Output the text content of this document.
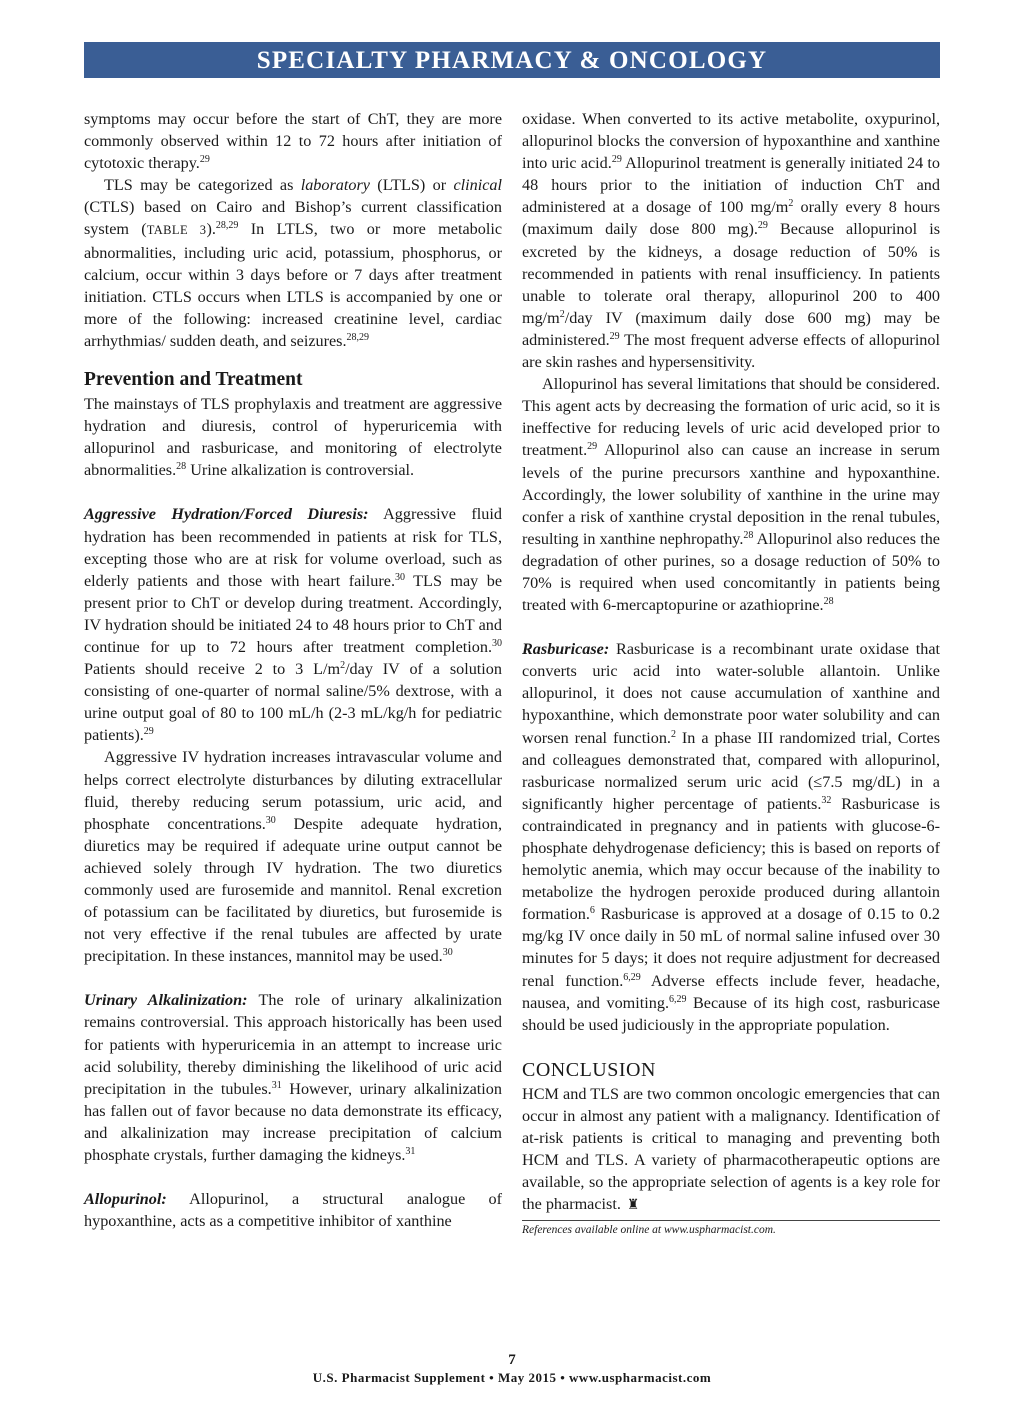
SPECIALTY PHARMACY & ONCOLOGY

symptoms may occur before the start of ChT, they are more commonly observed within 12 to 72 hours after initiation of cytotoxic therapy.$^{29}$

TLS may be categorized as laboratory (LTLS) or clinical (CTLS) based on Cairo and Bishop’s current classification system (TABLE 3).$^{28,29}$ In LTLS, two or more metabolic abnormalities, including uric acid, potassium, phosphorus, or calcium, occur within 3 days before or 7 days after treatment initiation. CTLS occurs when LTLS is accompanied by one or more of the following: increased creatinine level, cardiac arrhythmias/ sudden death, and seizures.$^{28,29}$

Prevention and Treatment

The mainstays of TLS prophylaxis and treatment are aggressive hydration and diuresis, control of hyperuricemia with allopurinol and rasburicase, and monitoring of electrolyte abnormalities.$^{28}$ Urine alkalization is controversial.

Aggressive Hydration/Forced Diuresis: Aggressive fluid hydration has been recommended in patients at risk for TLS, excepting those who are at risk for volume overload, such as elderly patients and those with heart failure.$^{30}$ TLS may be present prior to ChT or develop during treatment. Accordingly, IV hydration should be initiated 24 to 48 hours prior to ChT and continue for up to 72 hours after treatment completion.$^{30}$ Patients should receive 2 to 3 $L/m^2$/day IV of a solution consisting of one-quarter of normal saline/5% dextrose, with a urine output goal of 80 to 100 mL/h (2-3 mL/kg/h for pediatric patients).$^{29}$

Aggressive IV hydration increases intravascular volume and helps correct electrolyte disturbances by diluting extracellular fluid, thereby reducing serum potassium, uric acid, and phosphate concentrations.$^{30}$ Despite adequate hydration, diuretics may be required if adequate urine output cannot be achieved solely through IV hydration. The two diuretics commonly used are furosemide and mannitol. Renal excretion of potassium can be facilitated by diuretics, but furosemide is not very effective if the renal tubules are affected by urate precipitation. In these instances, mannitol may be used.$^{30}$

Urinary Alkalinization: The role of urinary alkalinization remains controversial. This approach historically has been used for patients with hyperuricemia in an attempt to increase uric acid solubility, thereby diminishing the likelihood of uric acid precipitation in the tubules.$^{31}$ However, urinary alkalinization has fallen out of favor because no data demonstrate its efficacy, and alkalinization may increase precipitation of calcium phosphate crystals, further damaging the kidneys.$^{31}$

Allopurinol: Allopurinol, a structural analogue of hypoxanthine, acts as a competitive inhibitor of xanthine

oxidase. When converted to its active metabolite, oxypurinol, allopurinol blocks the conversion of hypoxanthine and xanthine into uric acid.$^{29}$ Allopurinol treatment is generally initiated 24 to 48 hours prior to the initiation of induction ChT and administered at a dosage of 100 $mg/m^2$ orally every 8 hours (maximum daily dose 800 mg).$^{29}$ Because allopurinol is excreted by the kidneys, a dosage reduction of 50% is recommended in patients with renal insufficiency. In patients unable to tolerate oral therapy, allopurinol 200 to 400 $mg/m^2$/day IV (maximum daily dose 600 mg) may be administered.$^{29}$ The most frequent adverse effects of allopurinol are skin rashes and hypersensitivity.

Allopurinol has several limitations that should be considered. This agent acts by decreasing the formation of uric acid, so it is ineffective for reducing levels of uric acid developed prior to treatment.$^{29}$ Allopurinol also can cause an increase in serum levels of the purine precursors xanthine and hypoxanthine. Accordingly, the lower solubility of xanthine in the urine may confer a risk of xanthine crystal deposition in the renal tubules, resulting in xanthine nephropathy.$^{28}$ Allopurinol also reduces the degradation of other purines, so a dosage reduction of 50% to 70% is required when used concomitantly in patients being treated with 6-mercaptopurine or azathioprine.$^{28}$

Rasburicase: Rasburicase is a recombinant urate oxidase that converts uric acid into water-soluble allantoin. Unlike allopurinol, it does not cause accumulation of xanthine and hypoxanthine, which demonstrate poor water solubility and can worsen renal function.$^2$ In a phase III randomized trial, Cortes and colleagues demonstrated that, compared with allopurinol, rasburicase normalized serum uric acid (≤7.5 mg/dL) in a significantly higher percentage of patients.$^{32}$ Rasburicase is contraindicated in pregnancy and in patients with glucose-6-phosphate dehydrogenase deficiency; this is based on reports of hemolytic anemia, which may occur because of the inability to metabolize the hydrogen peroxide produced during allantoin formation.$^6$ Rasburicase is approved at a dosage of 0.15 to 0.2 mg/kg IV once daily in 50 mL of normal saline infused over 30 minutes for 5 days; it does not require adjustment for decreased renal function.$^{6,29}$ Adverse effects include fever, headache, nausea, and vomiting.$^{6,29}$ Because of its high cost, rasburicase should be used judiciously in the appropriate population.

CONCLUSION

HCM and TLS are two common oncologic emergencies that can occur in almost any patient with a malignancy. Identification of at-risk patients is critical to managing and preventing both HCM and TLS. A variety of pharmacotherapeutic options are available, so the appropriate selection of agents is a key role for the pharmacist. ♜

References available online at www.uspharmacist.com.
7
U.S. Pharmacist Supplement • May 2015 • www.uspharmacist.com
